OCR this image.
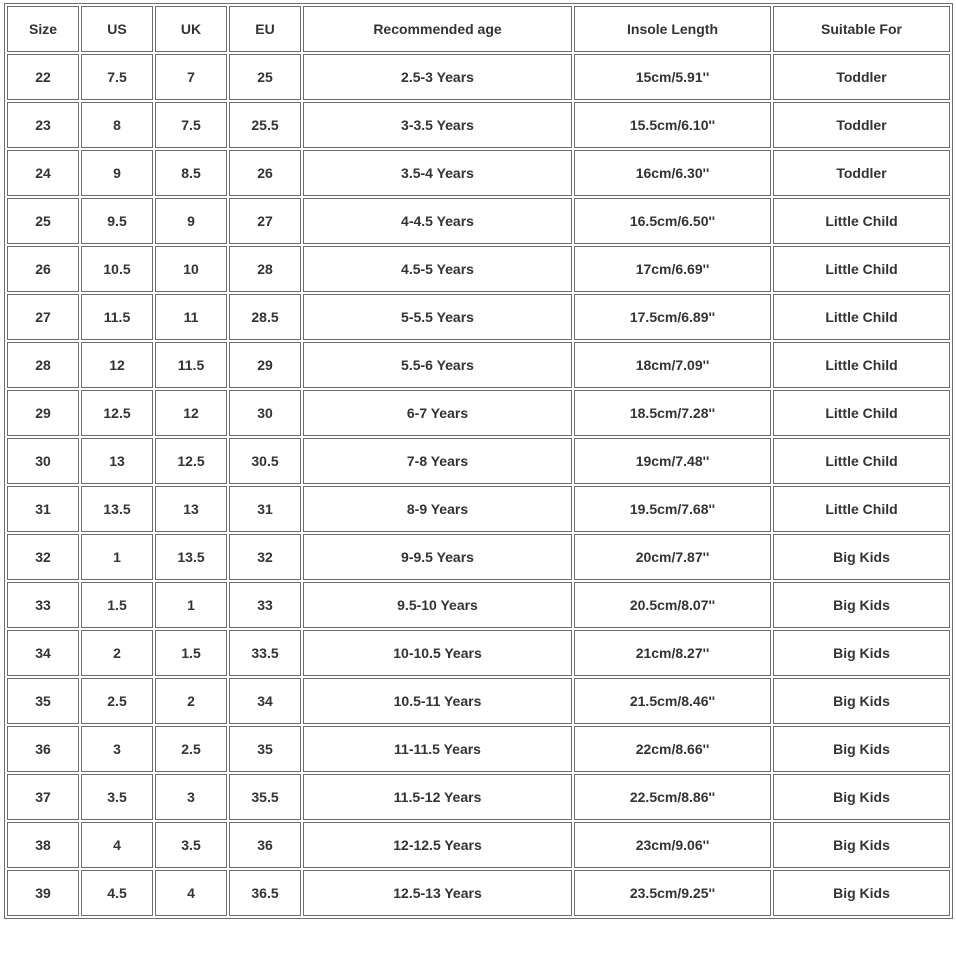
Size	US	UK	EU	Recommended age	Insole Length	Suitable For
22	7.5	7	25	2.5-3 Years	15cm/5.91''	Toddler
23	8	7.5	25.5	3-3.5 Years	15.5cm/6.10''	Toddler
24	9	8.5	26	3.5-4 Years	16cm/6.30''	Toddler
25	9.5	9	27	4-4.5 Years	16.5cm/6.50''	Little Child
26	10.5	10	28	4.5-5 Years	17cm/6.69''	Little Child
27	11.5	11	28.5	5-5.5 Years	17.5cm/6.89''	Little Child
28	12	11.5	29	5.5-6 Years	18cm/7.09''	Little Child
29	12.5	12	30	6-7 Years	18.5cm/7.28''	Little Child
30	13	12.5	30.5	7-8 Years	19cm/7.48''	Little Child
31	13.5	13	31	8-9 Years	19.5cm/7.68''	Little Child
32	1	13.5	32	9-9.5 Years	20cm/7.87''	Big Kids
33	1.5	1	33	9.5-10 Years	20.5cm/8.07''	Big Kids
34	2	1.5	33.5	10-10.5 Years	21cm/8.27''	Big Kids
35	2.5	2	34	10.5-11 Years	21.5cm/8.46''	Big Kids
36	3	2.5	35	11-11.5 Years	22cm/8.66''	Big Kids
37	3.5	3	35.5	11.5-12 Years	22.5cm/8.86''	Big Kids
38	4	3.5	36	12-12.5 Years	23cm/9.06''	Big Kids
39	4.5	4	36.5	12.5-13 Years	23.5cm/9.25''	Big Kids
